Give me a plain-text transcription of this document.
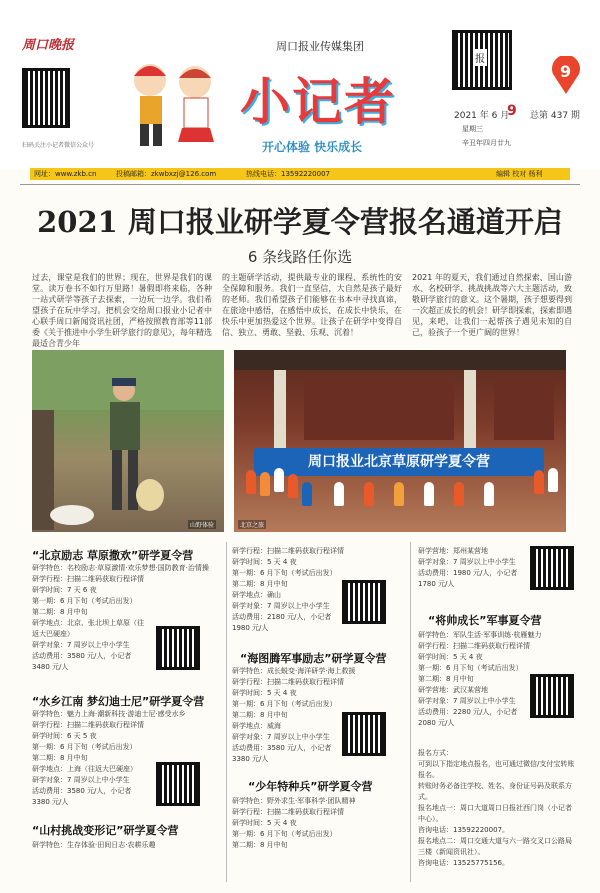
周口晚报
扫码关注小记者微信公众号
周口报业传媒集团
小记者
开心体验 快乐成长
报
9
2021 年 6 月
9 总第 437 期
星期三
辛丑年四月廿九
网址：www.zkb.cn	投稿邮箱：zkwbxzj@126.com	热线电话：13592220007	编辑 校对 杨利
2021 周口报业研学夏令营报名通道开启
6 条线路任你选
过去，课堂是我们的世界；现在，世界是我们的课堂。读万卷书不如行万里路！暑假即将来临，各种一站式研学等孩子去探索，一边玩一边学。我们希望孩子在玩中学习。把机会交给周口报业小记者中心联手周口新闻资讯社团，严格按照教育部等11部委《关于推进中小学生研学旅行的意见》，每年精选最适合青少年
的主题研学活动，提供最专业的课程、系统性的安全保障和服务。我们一直坚信，大自然是孩子最好的老师。我们希望孩子们能够在书本中寻找真谛，在旅途中感悟，在感悟中成长，在成长中快乐，在快乐中更加热爱这个世界。让孩子在研学中变得自信、独立、勇敢、坚毅、乐观、沉着！
2021 年的夏天，我们通过自然探索、国山游水、名校研学、挑战挑战等六大主题活动，致敬研学旅行的意义。这个暑期，孩子想要得到一次超正成长的机会！研学即探索，探索即遇见，来吧，让我们一起帮孩子遇见未知的自己，验孩子一个更广阔的世界！
山野体验
周口报业北京草原研学夏令营
北京之旅
“北京励志 草原撒欢”研学夏令营
研学特色：名校励志·草原激情·欢乐梦想·国防教育·治情操
研学行程：扫描二维码获取行程详情
研学时间：7 天 6 夜
第一期：6 月下旬（考试后出发）
第二期：8 月中旬
研学地点：北京、张北坝上草原（往返大巴硬座）
研学对象：7 周岁以上中小学生
活动费用：3580 元/人，小记者 3480 元/人
“水乡江南 梦幻迪士尼”研学夏令营
研学特色：魅力上海·潮新科技·游迪士尼·感受水乡
研学行程：扫描二维码获取行程详情
研学时间：6 天 5 夜
第一期：6 月下旬（考试后出发）
第二期：8 月中旬
研学地点：上海（往返大巴硬座）
研学对象：7 周岁以上中小学生
活动费用：3580 元/人，小记者 3380 元/人
“山村挑战变形记”研学夏令营
研学特色：生存体验·田间日志·农耕乐趣
研学行程：扫描二维码获取行程详情
研学时间：5 天 4 夜
第一期：6 月下旬（考试后出发）
第二期：8 月中旬
研学地点：确山
研学对象：7 周岁以上中小学生
活动费用：2180 元/人，小记者 1980 元/人
“海图腾军事励志”研学夏令营
研学特色：成长蜕变·海洋研学·海上救援
研学行程：扫描二维码获取行程详情
研学时间：5 天 4 夜
第一期：6 月下旬（考试后出发）
第二期：8 月中旬
研学地点：威海
研学对象：7 周岁以上中小学生
活动费用：3580 元/人，小记者 3380 元/人
“少年特种兵”研学夏令营
研学特色：野外求生·军事科学·团队精神
研学行程：扫描二维码获取行程详情
研学时间：5 天 4 夜
第一期：6 月下旬（考试后出发）
第二期：8 月中旬
研学营地：郑州某营地
研学对象：7 周岁以上中小学生
活动费用：1980 元/人，小记者 1780 元/人
“将帅成长”军事夏令营
研学特色：军队生活·军事训练·杭雁魅力
研学行程：扫描二维码获取行程详情
研学时间：5 天 4 夜
第一期：6 月下旬（考试后出发）
第二期：8 月中旬
研学营地：武汉某营地
研学对象：7 周岁以上中小学生
活动费用：2280 元/人，小记者 2080 元/人
报名方式：
可到以下指定地点报名，也可通过微信/支付宝转账报名。
转账时务必备注学校、姓名、身份证号码及联系方式。
报名地点一：周口大道周口日报社西门岗（小记者中心）。
咨询电话：13592220007。
报名地点二：周口交通大道与六一路交叉口公路局三楼（新闻资讯社）。
咨询电话：13525775156。
